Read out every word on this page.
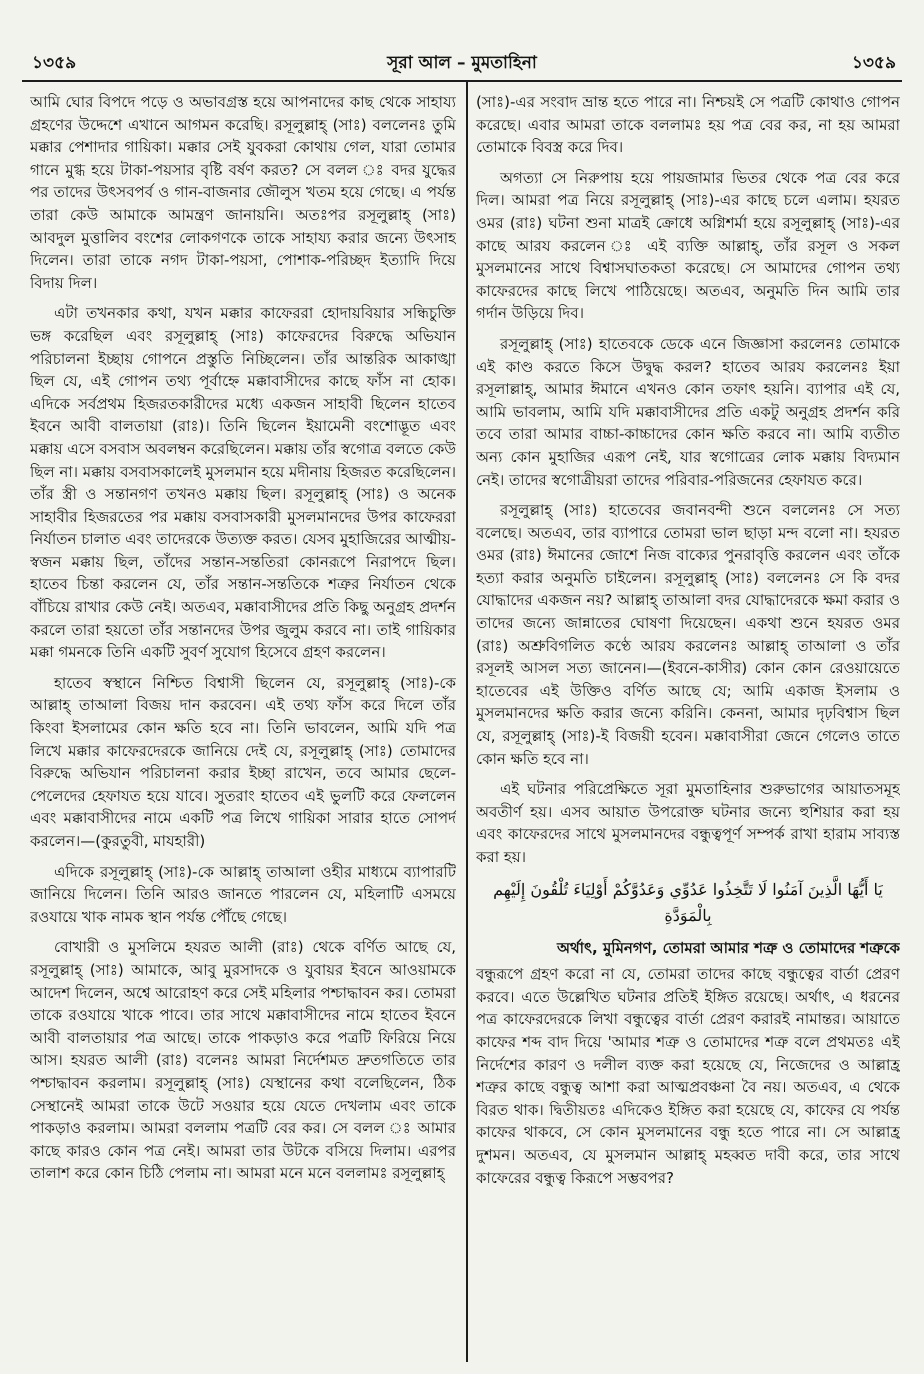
১৩৫৯	সূরা আল – মুমতাহিনা	১৩৫৯

আমি ঘোর বিপদে পড়ে ও অভাবগ্রস্ত হয়ে আপনাদের কাছ থেকে সাহায্য গ্রহণের উদ্দেশে এখানে আগমন করেছি। রসূলুল্লাহ্ (সাঃ) বললেনঃ তুমি মক্কার পেশাদার গায়িকা। মক্কার সেই যুবকরা কোথায় গেল, যারা তোমার গানে মুগ্ধ হয়ে টাকা-পয়সার বৃষ্টি বর্ষণ করত? সে বলল ঃ বদর যুদ্ধের পর তাদের উৎসবপর্ব ও গান-বাজনার জৌলুস খতম হয়ে গেছে। এ পর্যন্ত তারা কেউ আমাকে আমন্ত্রণ জানায়নি। অতঃপর রসূলুল্লাহ্ (সাঃ) আবদুল মুত্তালিব বংশের লোকগণকে তাকে সাহায্য করার জন্যে উৎসাহ দিলেন। তারা তাকে নগদ টাকা-পয়সা, পোশাক-পরিচ্ছদ ইত্যাদি দিয়ে বিদায় দিল।

এটা তখনকার কথা, যখন মক্কার কাফেররা হোদায়বিয়ার সন্ধিচুক্তি ভঙ্গ করেছিল এবং রসূলুল্লাহ্ (সাঃ) কাফেরদের বিরুদ্ধে অভিযান পরিচালনা ইচ্ছায় গোপনে প্রস্তুতি নিচ্ছিলেন। তাঁর আন্তরিক আকাঙ্খা ছিল যে, এই গোপন তথ্য পূর্বাহ্নে মক্কাবাসীদের কাছে ফাঁস না হোক। এদিকে সর্বপ্রথম হিজরতকারীদের মধ্যে একজন সাহাবী ছিলেন হাতেব ইবনে আবী বালতায়া (রাঃ)। তিনি ছিলেন ইয়ামেনী বংশোদ্ভূত এবং মক্কায় এসে বসবাস অবলম্বন করেছিলেন। মক্কায় তাঁর স্বগোত্র বলতে কেউ ছিল না। মক্কায় বসবাসকালেই মুসলমান হয়ে মদীনায় হিজরত করেছিলেন। তাঁর স্ত্রী ও সন্তানগণ তখনও মক্কায় ছিল। রসূলুল্লাহ্ (সাঃ) ও অনেক সাহাবীর হিজরতের পর মক্কায় বসবাসকারী মুসলমানদের উপর কাফেররা নির্যাতন চালাত এবং তাদেরকে উত্যক্ত করত। যেসব মুহাজিরের আত্মীয়-স্বজন মক্কায় ছিল, তাঁদের সন্তান-সন্ততিরা কোনরূপে নিরাপদে ছিল। হাতেব চিন্তা করলেন যে, তাঁর সন্তান-সন্ততিকে শত্রুর নির্যাতন থেকে বাঁচিয়ে রাখার কেউ নেই। অতএব, মক্কাবাসীদের প্রতি কিছু অনুগ্রহ প্রদর্শন করলে তারা হয়তো তাঁর সন্তানদের উপর জুলুম করবে না। তাই গায়িকার মক্কা গমনকে তিনি একটি সুবর্ণ সুযোগ হিসেবে গ্রহণ করলেন।

হাতেব স্বস্থানে নিশ্চিত বিশ্বাসী ছিলেন যে, রসূলুল্লাহ্ (সাঃ)-কে আল্লাহ্ তাআলা বিজয় দান করবেন। এই তথ্য ফাঁস করে দিলে তাঁর কিংবা ইসলামের কোন ক্ষতি হবে না। তিনি ভাবলেন, আমি যদি পত্র লিখে মক্কার কাফেরদেরকে জানিয়ে দেই যে, রসূলুল্লাহ্ (সাঃ) তোমাদের বিরুদ্ধে অভিযান পরিচালনা করার ইচ্ছা রাখেন, তবে আমার ছেলে-পেলেদের হেফাযত হয়ে যাবে। সুতরাং হাতেব এই ভুলটি করে ফেললেন এবং মক্কাবাসীদের নামে একটি পত্র লিখে গায়িকা সারার হাতে সোপর্দ করলেন।—(কুরতুবী, মাযহারী)

এদিকে রসূলুল্লাহ্ (সাঃ)-কে আল্লাহ্ তাআলা ওহীর মাধ্যমে ব্যাপারটি জানিয়ে দিলেন। তিনি আরও জানতে পারলেন যে, মহিলাটি এসময়ে রওযায়ে খাক নামক স্থান পর্যন্ত পৌঁছে গেছে।

বোখারী ও মুসলিমে হযরত আলী (রাঃ) থেকে বর্ণিত আছে যে, রসূলুল্লাহ্ (সাঃ) আমাকে, আবু মুরসাদকে ও যুবায়র ইবনে আওয়ামকে আদেশ দিলেন, অশ্বে আরোহণ করে সেই মহিলার পশ্চাদ্ধাবন কর। তোমরা তাকে রওযায়ে খাকে পাবে। তার সাথে মক্কাবাসীদের নামে হাতেব ইবনে আবী বালতায়ার পত্র আছে। তাকে পাকড়াও করে পত্রটি ফিরিয়ে নিয়ে আস। হযরত আলী (রাঃ) বলেনঃ আমরা নির্দেশমত দ্রুতগতিতে তার পশ্চাদ্ধাবন করলাম। রসূলুল্লাহ্ (সাঃ) যেস্থানের কথা বলেছিলেন, ঠিক সেস্থানেই আমরা তাকে উটে সওয়ার হয়ে যেতে দেখলাম এবং তাকে পাকড়াও করলাম। আমরা বললাম পত্রটি বের কর। সে বলল ঃ আমার কাছে কারও কোন পত্র নেই। আমরা তার উটকে বসিয়ে দিলাম। এরপর তালাশ করে কোন চিঠি পেলাম না। আমরা মনে মনে বললামঃ রসূলুল্লাহ্

(সাঃ)-এর সংবাদ ভ্রান্ত হতে পারে না। নিশ্চয়ই সে পত্রটি কোথাও গোপন করেছে। এবার আমরা তাকে বললামঃ হয় পত্র বের কর, না হয় আমরা তোমাকে বিবস্ত্র করে দিব।

অগত্যা সে নিরুপায় হয়ে পায়জামার ভিতর থেকে পত্র বের করে দিল। আমরা পত্র নিয়ে রসূলুল্লাহ্ (সাঃ)-এর কাছে চলে এলাম। হযরত ওমর (রাঃ) ঘটনা শুনা মাত্রই ক্রোধে অগ্নিশর্মা হয়ে রসূলুল্লাহ্ (সাঃ)-এর কাছে আরয করলেন ঃ এই ব্যক্তি আল্লাহ্, তাঁর রসূল ও সকল মুসলমানের সাথে বিশ্বাসঘাতকতা করেছে। সে আমাদের গোপন তথ্য কাফেরদের কাছে লিখে পাঠিয়েছে। অতএব, অনুমতি দিন আমি তার গর্দান উড়িয়ে দিব।

রসূলুল্লাহ্ (সাঃ) হাতেবকে ডেকে এনে জিজ্ঞাসা করলেনঃ তোমাকে এই কাণ্ড করতে কিসে উদ্বুদ্ধ করল? হাতেব আরয করলেনঃ ইয়া রসূলাল্লাহ্, আমার ঈমানে এখনও কোন তফাৎ হয়নি। ব্যাপার এই যে, আমি ভাবলাম, আমি যদি মক্কাবাসীদের প্রতি একটু অনুগ্রহ প্রদর্শন করি তবে তারা আমার বাচ্চা-কাচ্চাদের কোন ক্ষতি করবে না। আমি ব্যতীত অন্য কোন মুহাজির এরূপ নেই, যার স্বগোত্রের লোক মক্কায় বিদ্যমান নেই। তাদের স্বগোত্রীয়রা তাদের পরিবার-পরিজনের হেফাযত করে।

রসূলুল্লাহ্ (সাঃ) হাতেবের জবানবন্দী শুনে বললেনঃ সে সত্য বলেছে। অতএব, তার ব্যাপারে তোমরা ভাল ছাড়া মন্দ বলো না। হযরত ওমর (রাঃ) ঈমানের জোশে নিজ বাক্যের পুনরাবৃত্তি করলেন এবং তাঁকে হত্যা করার অনুমতি চাইলেন। রসূলুল্লাহ্ (সাঃ) বললেনঃ সে কি বদর যোদ্ধাদের একজন নয়? আল্লাহ্ তাআলা বদর যোদ্ধাদেরকে ক্ষমা করার ও তাদের জন্যে জান্নাতের ঘোষণা দিয়েছেন। একথা শুনে হযরত ওমর (রাঃ) অশ্রুবিগলিত কণ্ঠে আরয করলেনঃ আল্লাহ্ তাআলা ও তাঁর রসূলই আসল সত্য জানেন।—(ইবনে-কাসীর) কোন কোন রেওয়ায়েতে হাতেবের এই উক্তিও বর্ণিত আছে যে; আমি একাজ ইসলাম ও মুসলমানদের ক্ষতি করার জন্যে করিনি। কেননা, আমার দৃঢ়বিশ্বাস ছিল যে, রসূলুল্লাহ্ (সাঃ)-ই বিজয়ী হবেন। মক্কাবাসীরা জেনে গেলেও তাতে কোন ক্ষতি হবে না।

এই ঘটনার পরিপ্রেক্ষিতে সূরা মুমতাহিনার শুরুভাগের আয়াতসমূহ অবতীর্ণ হয়। এসব আয়াত উপরোক্ত ঘটনার জন্যে হুশিয়ার করা হয় এবং কাফেরদের সাথে মুসলমানদের বন্ধুত্বপূর্ণ সম্পর্ক রাখা হারাম সাব্যস্ত করা হয়।

يَا أَيُّهَا الَّذِينَ آمَنُوا لَا تَتَّخِذُوا عَدُوِّي وَعَدُوَّكُمْ أَوْلِيَاءَ تُلْقُونَ إِلَيْهِم بِالْمَوَدَّةِ

অর্থাৎ, মুমিনগণ, তোমরা আমার শত্রু ও তোমাদের শত্রুকে

বন্ধুরূপে গ্রহণ করো না যে, তোমরা তাদের কাছে বন্ধুত্বের বার্তা প্রেরণ করবে। এতে উল্লেখিত ঘটনার প্রতিই ইঙ্গিত রয়েছে। অর্থাৎ, এ ধরনের পত্র কাফেরদেরকে লিখা বন্ধুত্বের বার্তা প্রেরণ করারই নামান্তর। আয়াতে কাফের শব্দ বাদ দিয়ে 'আমার শত্রু ও তোমাদের শত্রু বলে প্রথমতঃ এই নির্দেশের কারণ ও দলীল ব্যক্ত করা হয়েছে যে, নিজেদের ও আল্লাহ্র শত্রুর কাছে বন্ধুত্ব আশা করা আত্মপ্রবঞ্চনা বৈ নয়। অতএব, এ থেকে বিরত থাক। দ্বিতীয়তঃ এদিকেও ইঙ্গিত করা হয়েছে যে, কাফের যে পর্যন্ত কাফের থাকবে, সে কোন মুসলমানের বন্ধু হতে পারে না। সে আল্লাহ্র দুশমন। অতএব, যে মুসলমান আল্লাহ্ মহব্বত দাবী করে, তার সাথে কাফেরের বন্ধুত্ব কিরূপে সম্ভবপর?
